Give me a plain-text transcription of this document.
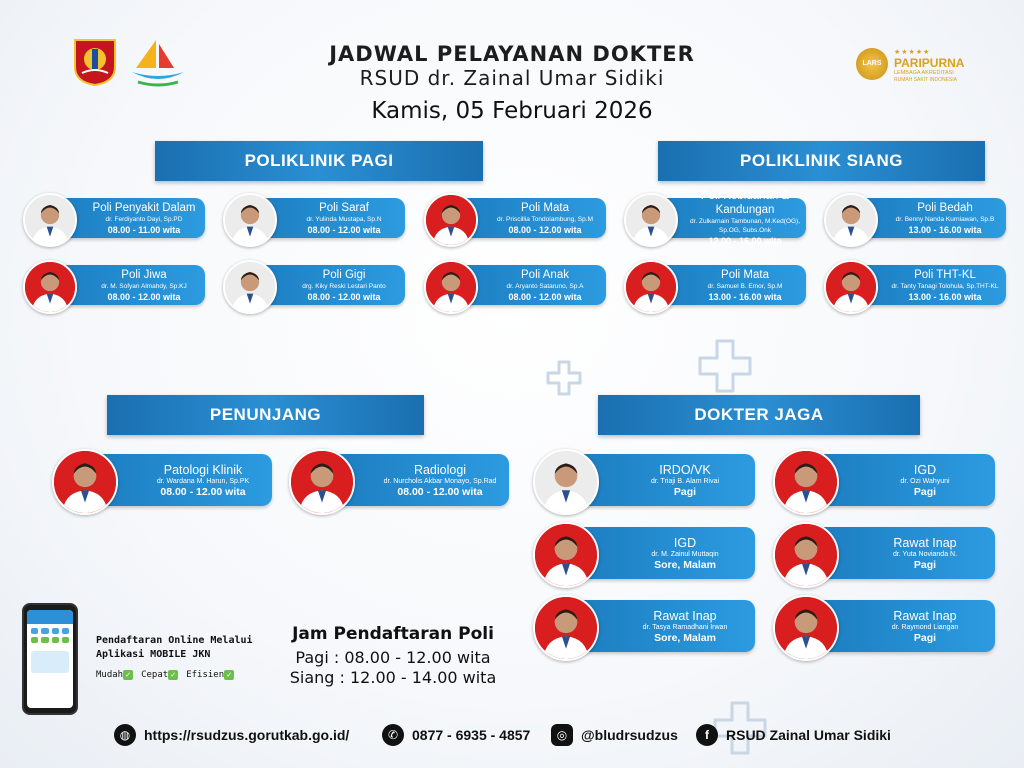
LARS
★★★★★
PARIPURNA
LEMBAGA AKREDITASI
RUMAH SAKIT INDONESIA
JADWAL PELAYANAN DOKTER
RSUD dr. Zainal Umar Sidiki
Kamis, 05 Februari 2026
POLIKLINIK PAGI	POLIKLINIK SIANG
PENUNJANG	DOKTER JAGA
Poli Penyakit Dalam
dr. Ferdiyanto Dayi, Sp.PD
08.00 - 11.00 wita
Poli Saraf
dr. Yulinda Mustapa, Sp.N
08.00 - 12.00 wita
Poli Mata
dr. Priscillia Tondolambung, Sp.M
08.00 - 12.00 wita
Poli Jiwa
dr. M. Sofyan Almahdy, Sp.KJ
08.00 - 12.00 wita
Poli Gigi
drg. Kiky Reski Lestari Panto
08.00 - 12.00 wita
Poli Anak
dr. Aryanto Sataruno, Sp.A
08.00 - 12.00 wita
Poli Kebidanan & Kandungan
dr. Zulkarnain Tambunan, M.Ked(OG), Sp.OG, Subs.Onk
12.00 - 16.00 wita
Poli Bedah
dr. Benny Nanda Kurniawan, Sp.B
13.00 - 16.00 wita
Poli Mata
dr. Samuel B. Emor, Sp.M
13.00 - 16.00 wita
Poli THT-KL
dr. Tanty Tanagi Tolohula, Sp.THT-KL
13.00 - 16.00 wita
Patologi Klinik
dr. Wardana M. Harun, Sp.PK
08.00 - 12.00 wita
Radiologi
dr. Nurcholis Akbar Monayo, Sp.Rad
08.00 - 12.00 wita
IRDO/VK
dr. Triaji B. Alam Rivai
Pagi
IGD
dr. Ozi Wahyuni
Pagi
IGD
dr. M. Zainul Muttaqin
Sore, Malam
Rawat Inap
dr. Yuta Novianda N.
Pagi
Rawat Inap
dr. Tasya Ramadhani Irwan
Sore, Malam
Rawat Inap
dr. Raymond Liangan
Pagi
Pendaftaran Online Melalui
Aplikasi MOBILE JKN
Mudah ✓ Cepat ✓ Efisien ✓
Jam Pendaftaran Poli
Pagi : 08.00 - 12.00 wita
Siang : 12.00 - 14.00 wita
◍ https://rsudzus.gorutkab.go.id/	✆ 0877 - 6935 - 4857	◎ @bludrsudzus	f	RSUD Zainal Umar Sidiki
